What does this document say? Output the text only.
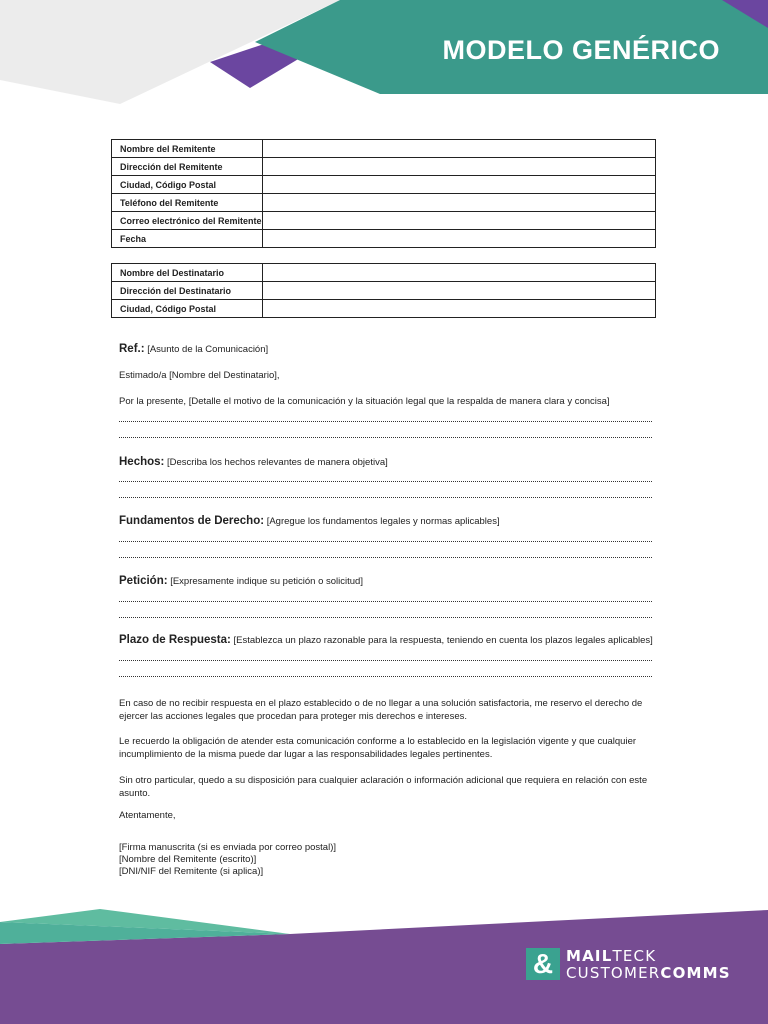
MODELO GENÉRICO
Nombre del Remitente	
Dirección del Remitente	
Ciudad, Código Postal	
Teléfono del Remitente	
Correo electrónico del Remitente	
Fecha	
Nombre del Destinatario	
Dirección del Destinatario	
Ciudad, Código Postal	

Ref.: [Asunto de la Comunicación]

Estimado/a [Nombre del Destinatario],

Por la presente, [Detalle el motivo de la comunicación y la situación legal que la respalda de manera clara y concisa]

Hechos: [Describa los hechos relevantes de manera objetiva]

Fundamentos de Derecho: [Agregue los fundamentos legales y normas aplicables]

Petición: [Expresamente indique su petición o solicitud]

Plazo de Respuesta: [Establezca un plazo razonable para la respuesta, teniendo en cuenta los plazos legales aplicables]

En caso de no recibir respuesta en el plazo establecido o de no llegar a una solución satisfactoria, me reservo el derecho de ejercer las acciones legales que procedan para proteger mis derechos e intereses.

Le recuerdo la obligación de atender esta comunicación conforme a lo establecido en la legislación vigente y que cualquier incumplimiento de la misma puede dar lugar a las responsabilidades legales pertinentes.

Sin otro particular, quedo a su disposición para cualquier aclaración o información adicional que requiera en relación con este asunto.

Atentamente,

[Firma manuscrita (si es enviada por correo postal)]

[Nombre del Remitente (escrito)]

[DNI/NIF del Remitente (si aplica)]

& MAILTECK
CUSTOMERCOMMS
